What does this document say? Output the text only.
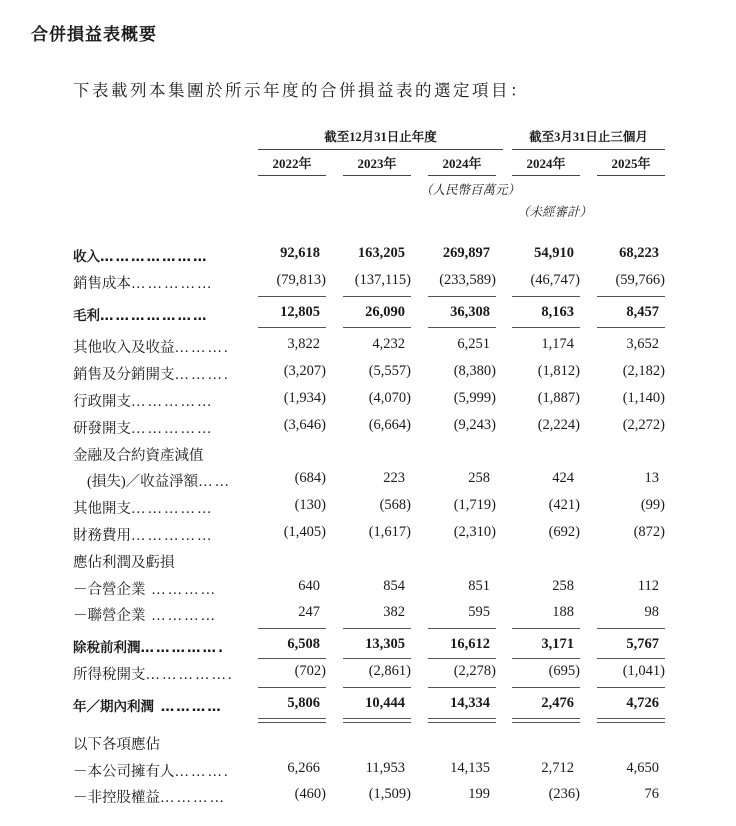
合併損益表概要
下表載列本集團於所示年度的合併損益表的選定項目：
截至12月31日止年度	截至3月31日止三個月
2022年	2023年	2024年	2024年	2025年
（人民幣百萬元）
（未經審計）
收入…………………	92,618	163,205	269,897	54,910	68,223
銷售成本……………	(79,813)	(137,115)	(233,589)	(46,747)	(59,766)
毛利…………………	12,805	26,090	36,308	8,163	8,457
其他收入及收益……….	3,822	4,232	6,251	1,174	3,652
銷售及分銷開支……….	(3,207)	(5,557)	(8,380)	(1,812)	(2,182)
行政開支……………	(1,934)	(4,070)	(5,999)	(1,887)	(1,140)
研發開支……………	(3,646)	(6,664)	(9,243)	(2,224)	(2,272)
金融及合約資產減值
(損失)／收益淨額……	(684)	223	258	424	13
其他開支……………	(130)	(568)	(1,719)	(421)	(99)
財務費用……………	(1,405)	(1,617)	(2,310)	(692)	(872)
應佔利潤及虧損
－合營企業 …………	640	854	851	258	112
－聯營企業 …………	247	382	595	188	98
除稅前利潤…………….	6,508	13,305	16,612	3,171	5,767
所得稅開支…………….	(702)	(2,861)	(2,278)	(695)	(1,041)
年／期內利潤 …………	5,806	10,444	14,334	2,476	4,726
以下各項應佔
－本公司擁有人……….	6,266	11,953	14,135	2,712	4,650
－非控股權益…………	(460)	(1,509)	199	(236)	76
